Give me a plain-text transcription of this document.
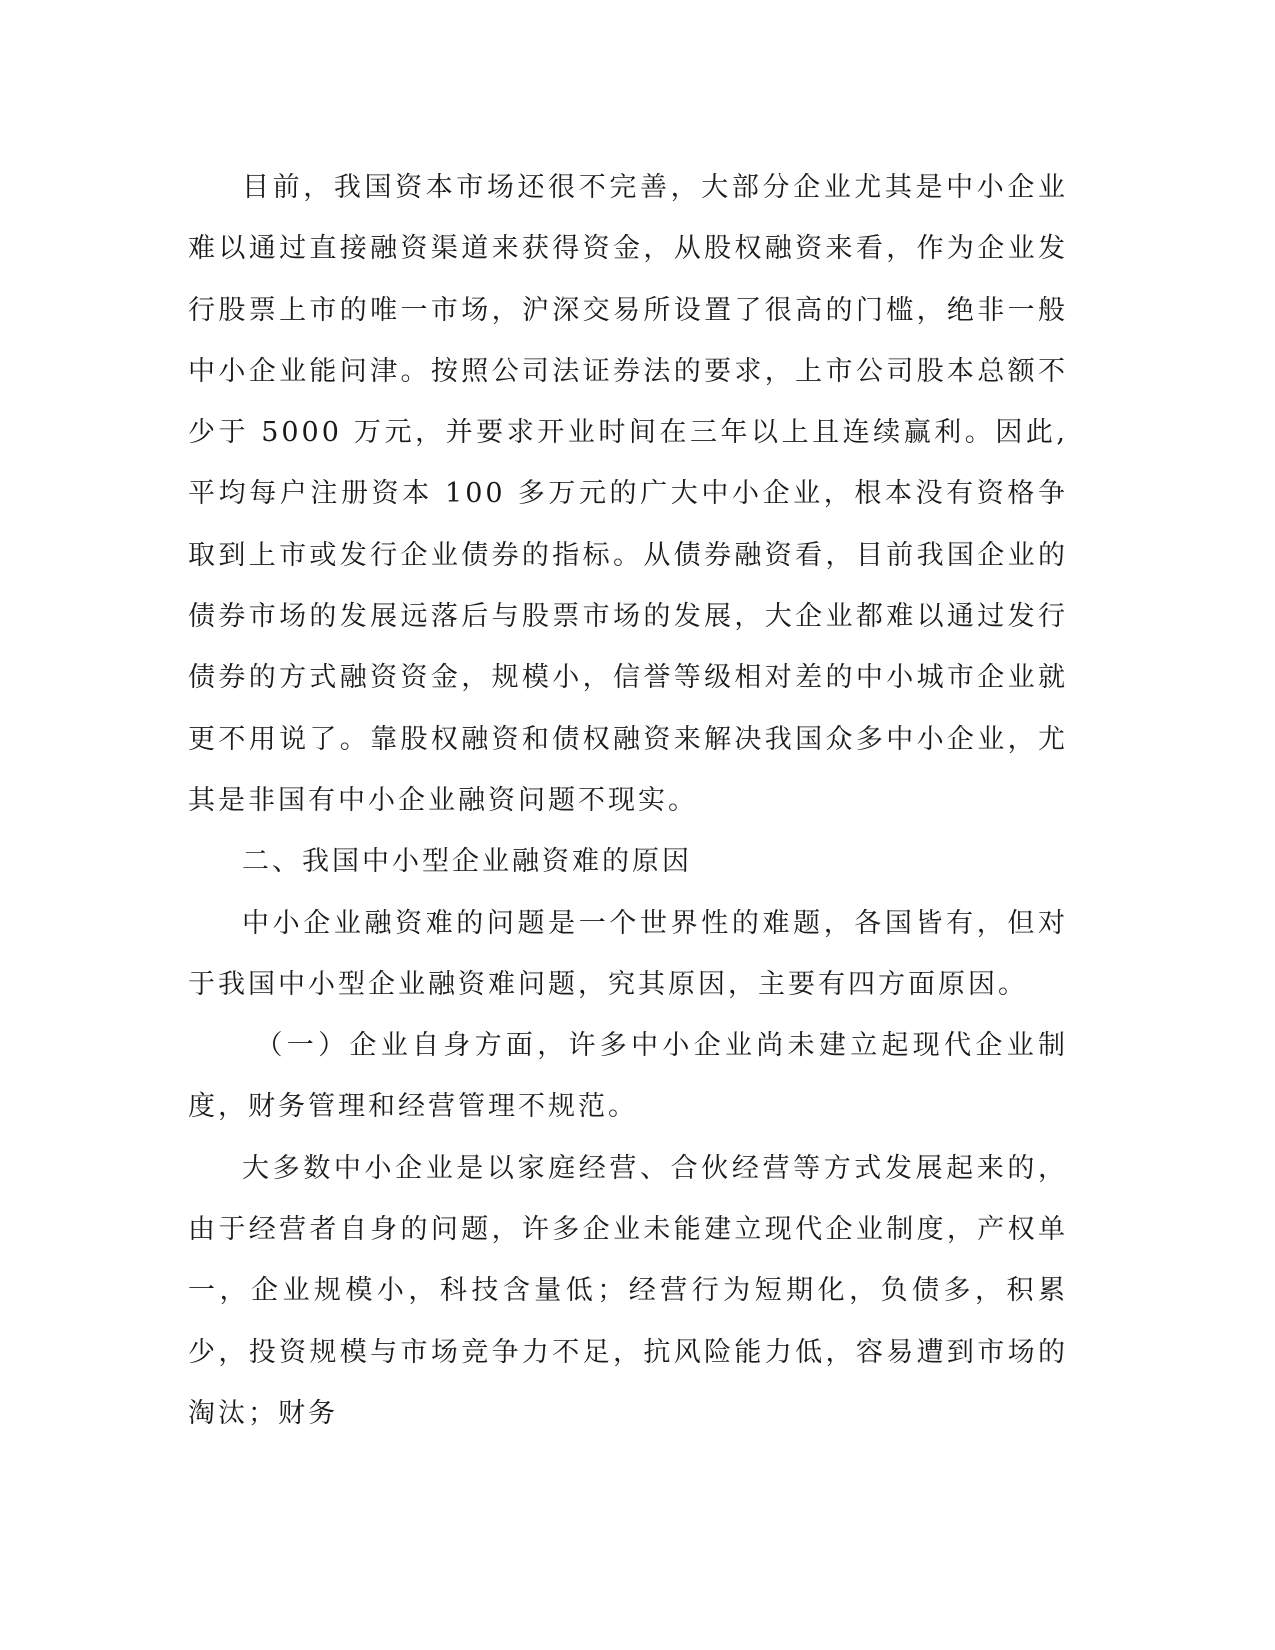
目前，我国资本市场还很不完善，大部分企业尤其是中小企业难以通过直接融资渠道来获得资金，从股权融资来看，作为企业发行股票上市的唯一市场，沪深交易所设置了很高的门槛，绝非一般中小企业能问津。按照公司法证券法的要求，上市公司股本总额不少于 5000 万元，并要求开业时间在三年以上且连续赢利。因此,平均每户注册资本 100 多万元的广大中小企业，根本没有资格争取到上市或发行企业债券的指标。从债券融资看，目前我国企业的债券市场的发展远落后与股票市场的发展，大企业都难以通过发行债券的方式融资资金，规模小，信誉等级相对差的中小城市企业就更不用说了。靠股权融资和债权融资来解决我国众多中小企业，尤其是非国有中小企业融资问题不现实。

二、我国中小型企业融资难的原因

中小企业融资难的问题是一个世界性的难题，各国皆有，但对于我国中小型企业融资难问题，究其原因，主要有四方面原因。

（一）企业自身方面，许多中小企业尚未建立起现代企业制度，财务管理和经营管理不规范。

大多数中小企业是以家庭经营、合伙经营等方式发展起来的，由于经营者自身的问题，许多企业未能建立现代企业制度，产权单一，企业规模小，科技含量低；经营行为短期化，负债多，积累少，投资规模与市场竞争力不足，抗风险能力低，容易遭到市场的淘汰；财务
